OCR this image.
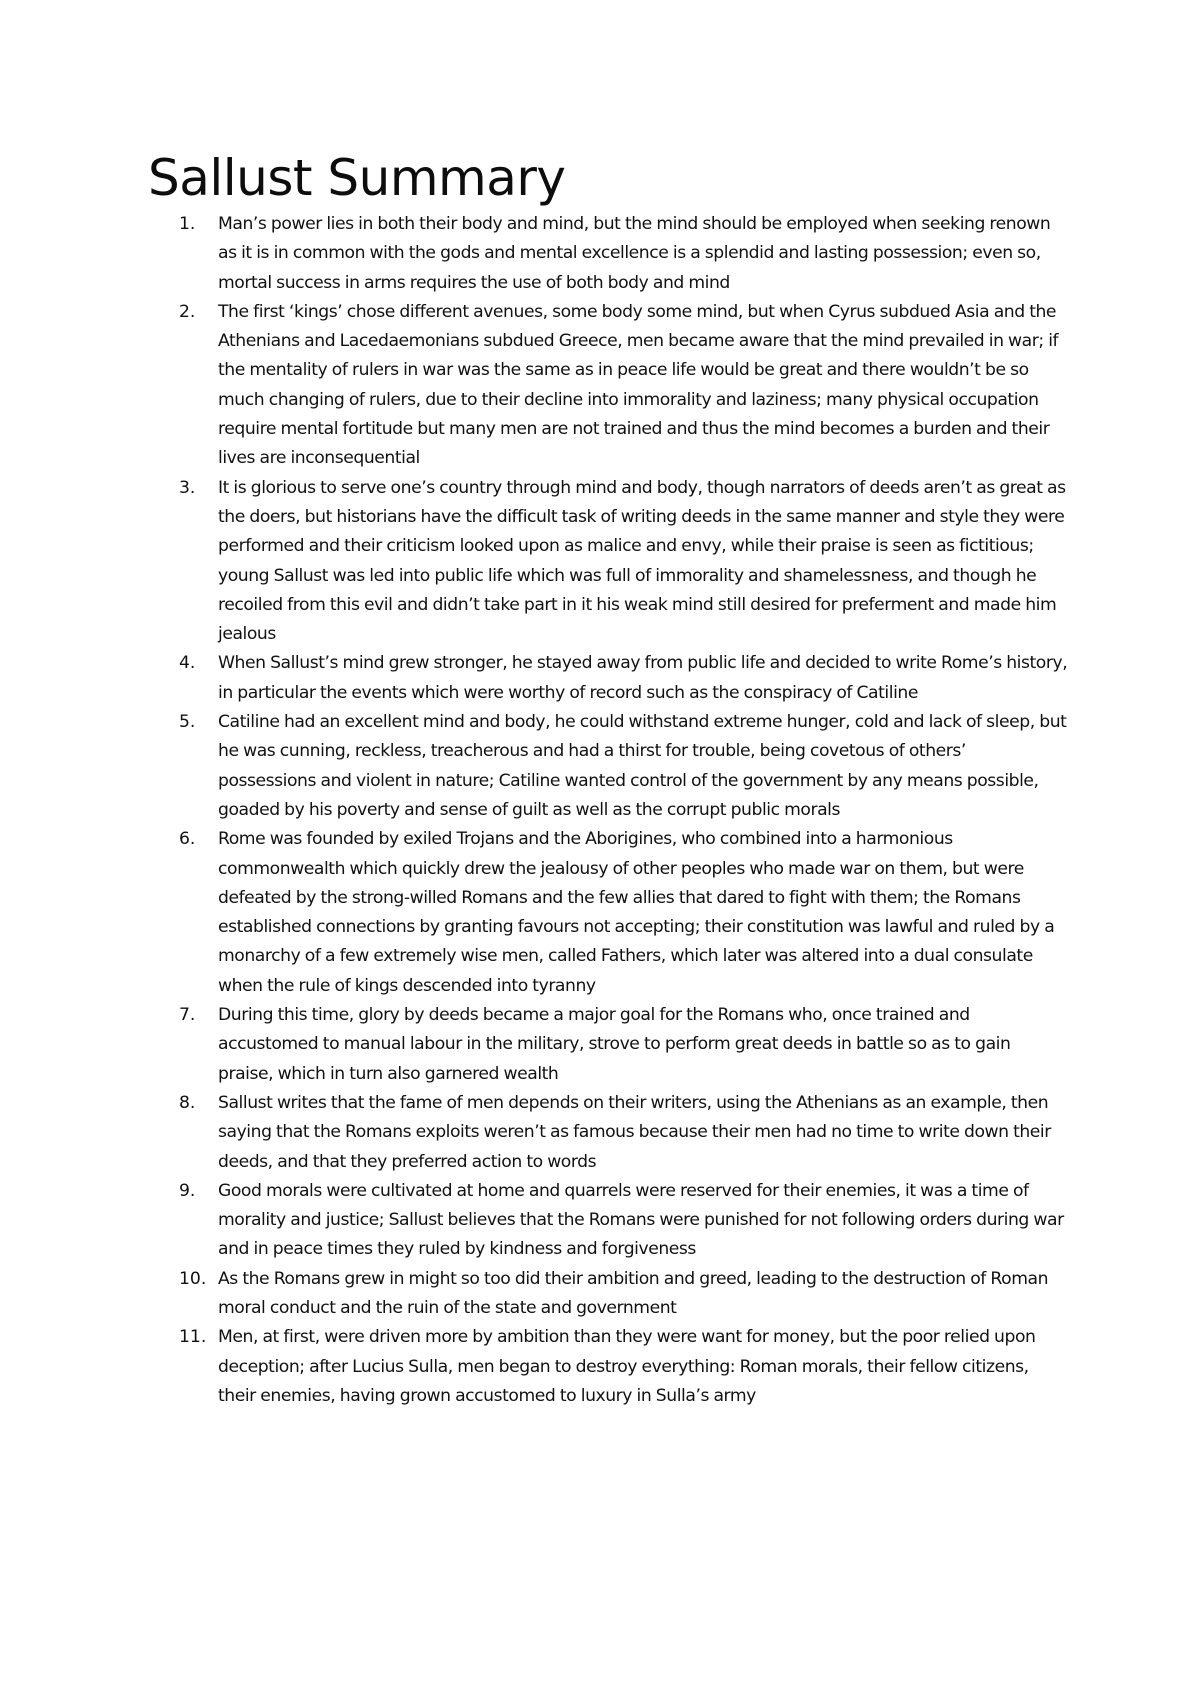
Sallust Summary
1.	Man’s power lies in both their body and mind, but the mind should be employed when seeking renown as it is in common with the gods and mental excellence is a splendid and lasting possession; even so, mortal success in arms requires the use of both body and mind
2.	The first ‘kings’ chose different avenues, some body some mind, but when Cyrus subdued Asia and the Athenians and Lacedaemonians subdued Greece, men became aware that the mind prevailed in war; if the mentality of rulers in war was the same as in peace life would be great and there wouldn’t be so much changing of rulers, due to their decline into immorality and laziness; many physical occupation require mental fortitude but many men are not trained and thus the mind becomes a burden and their lives are inconsequential
3.	It is glorious to serve one’s country through mind and body, though narrators of deeds aren’t as great as the doers, but historians have the difficult task of writing deeds in the same manner and style they were performed and their criticism looked upon as malice and envy, while their praise is seen as fictitious; young Sallust was led into public life which was full of immorality and shamelessness, and though he recoiled from this evil and didn’t take part in it his weak mind still desired for preferment and made him jealous
4.	When Sallust’s mind grew stronger, he stayed away from public life and decided to write Rome’s history, in particular the events which were worthy of record such as the conspiracy of Catiline
5.	Catiline had an excellent mind and body, he could withstand extreme hunger, cold and lack of sleep, but he was cunning, reckless, treacherous and had a thirst for trouble, being covetous of others’ possessions and violent in nature; Catiline wanted control of the government by any means possible, goaded by his poverty and sense of guilt as well as the corrupt public morals
6.	Rome was founded by exiled Trojans and the Aborigines, who combined into a harmonious commonwealth which quickly drew the jealousy of other peoples who made war on them, but were defeated by the strong-willed Romans and the few allies that dared to fight with them; the Romans established connections by granting favours not accepting; their constitution was lawful and ruled by a monarchy of a few extremely wise men, called Fathers, which later was altered into a dual consulate when the rule of kings descended into tyranny
7.	During this time, glory by deeds became a major goal for the Romans who, once trained and accustomed to manual labour in the military, strove to perform great deeds in battle so as to gain praise, which in turn also garnered wealth
8.	Sallust writes that the fame of men depends on their writers, using the Athenians as an example, then saying that the Romans exploits weren’t as famous because their men had no time to write down their deeds, and that they preferred action to words
9.	Good morals were cultivated at home and quarrels were reserved for their enemies, it was a time of morality and justice; Sallust believes that the Romans were punished for not following orders during war and in peace times they ruled by kindness and forgiveness
10. As the Romans grew in might so too did their ambition and greed, leading to the destruction of Roman moral conduct and the ruin of the state and government
11. Men, at first, were driven more by ambition than they were want for money, but the poor relied upon deception; after Lucius Sulla, men began to destroy everything: Roman morals, their fellow citizens, their enemies, having grown accustomed to luxury in Sulla’s army
